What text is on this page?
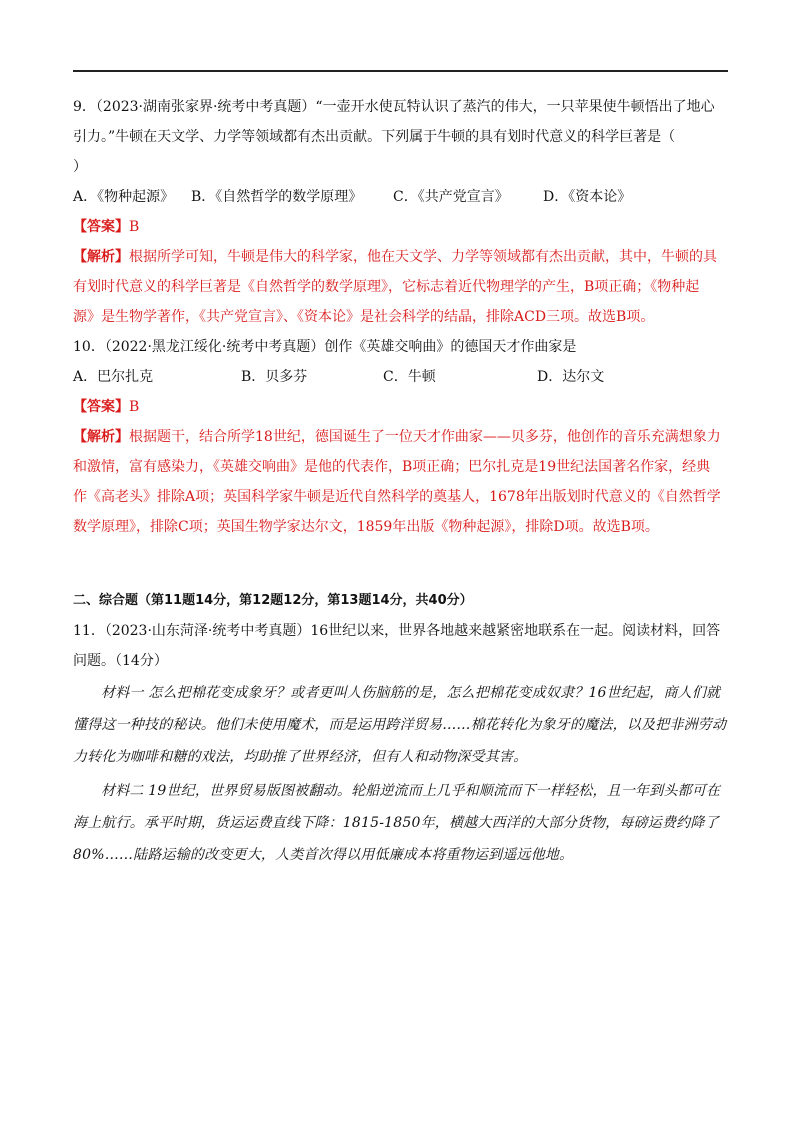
9．（2023·湖南张家界·统考中考真题）“一壶开水使瓦特认识了蒸汽的伟大，一只苹果使牛顿悟出了地心

引力。”牛顿在天文学、力学等领域都有杰出贡献。下列属于牛顿的具有划时代意义的科学巨著是（

）

A．《物种起源》	B．《自然哲学的数学原理》	C．《共产党宣言》	D．《资本论》

【答案】B

【解析】根据所学可知，牛顿是伟大的科学家，他在天文学、力学等领域都有杰出贡献，其中，牛顿的具

有划时代意义的科学巨著是《自然哲学的数学原理》，它标志着近代物理学的产生，B项正确；《物种起

源》是生物学著作，《共产党宣言》、《资本论》是社会科学的结晶，排除ACD三项。故选B项。

10．（2022·黑龙江绥化·统考中考真题）创作《英雄交响曲》的德国天才作曲家是

A．巴尔扎克	B．贝多芬	C．牛顿	D．达尔文

【答案】B

【解析】根据题干，结合所学18世纪，德国诞生了一位天才作曲家——贝多芬，他创作的音乐充满想象力

和激情，富有感染力，《英雄交响曲》是他的代表作，B项正确；巴尔扎克是19世纪法国著名作家，经典

作《高老头》排除A项；英国科学家牛顿是近代自然科学的奠基人，1678年出版划时代意义的《自然哲学

数学原理》，排除C项；英国生物学家达尔文，1859年出版《物种起源》，排除D项。故选B项。

二、综合题（第11题14分，第12题12分，第13题14分，共40分）

11．（2023·山东菏泽·统考中考真题）16世纪以来，世界各地越来越紧密地联系在一起。阅读材料，回答

问题。（14分）

材料一 怎么把棉花变成象牙？或者更叫人伤脑筋的是，怎么把棉花变成奴隶？16世纪起，商人们就

懂得这一种技的秘诀。他们未使用魔术，而是运用跨洋贸易……棉花转化为象牙的魔法，以及把非洲劳动

力转化为咖啡和糖的戏法，均助推了世界经济，但有人和动物深受其害。

材料二 19世纪，世界贸易版图被翻动。轮船逆流而上几乎和顺流而下一样轻松，且一年到头都可在

海上航行。承平时期，货运运费直线下降：1815-1850年，横越大西洋的大部分货物，每磅运费约降了

80%……陆路运输的改变更大，人类首次得以用低廉成本将重物运到遥远他地。
